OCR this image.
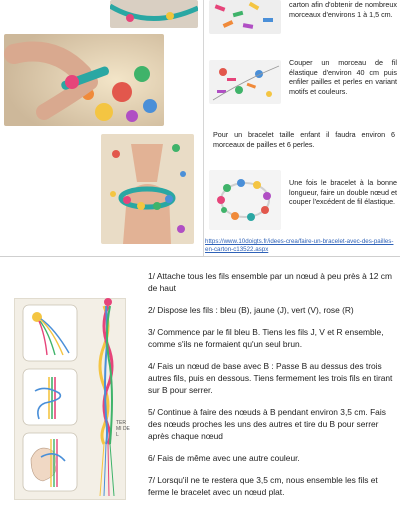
carton afin d'obtenir de nombreux morceaux d'environs 1 à 1,5 cm.
Couper un morceau de fil élastique d'environ 40 cm puis enfiler pailles et perles en variant motifs et couleurs.
Pour un bracelet taille enfant il faudra environ 6 morceaux de pailles et 6 perles.
Une fois le bracelet à la bonne longueur, faire un double nœud et couper l'excédent de fil élastique.
https://www.10doigts.fr/idees-crea/faire-un-bracelet-avec-des-pailles-en-carton-c13522.aspx
TERMI DE L

1/ Attache tous les fils ensemble par un nœud à peu près à 12 cm de haut

2/ Dispose les fils : bleu (B), jaune (J), vert (V), rose (R)

3/ Commence par le fil bleu B. Tiens les fils J, V et R ensemble, comme s'ils ne formaient qu'un seul brun.

4/ Fais un nœud de base avec B : Passe B au dessus des trois autres fils, puis en dessous. Tiens fermement les trois fils en tirant sur B pour serrer.

5/ Continue à faire des nœuds à B pendant environ 3,5 cm. Fais des nœuds proches les uns des autres et tire du B pour serrer après chaque nœud

6/ Fais de même avec une autre couleur.

7/ Lorsqu'il ne te restera que 3,5 cm, nous ensemble les fils et ferme le bracelet avec un nœud plat.
